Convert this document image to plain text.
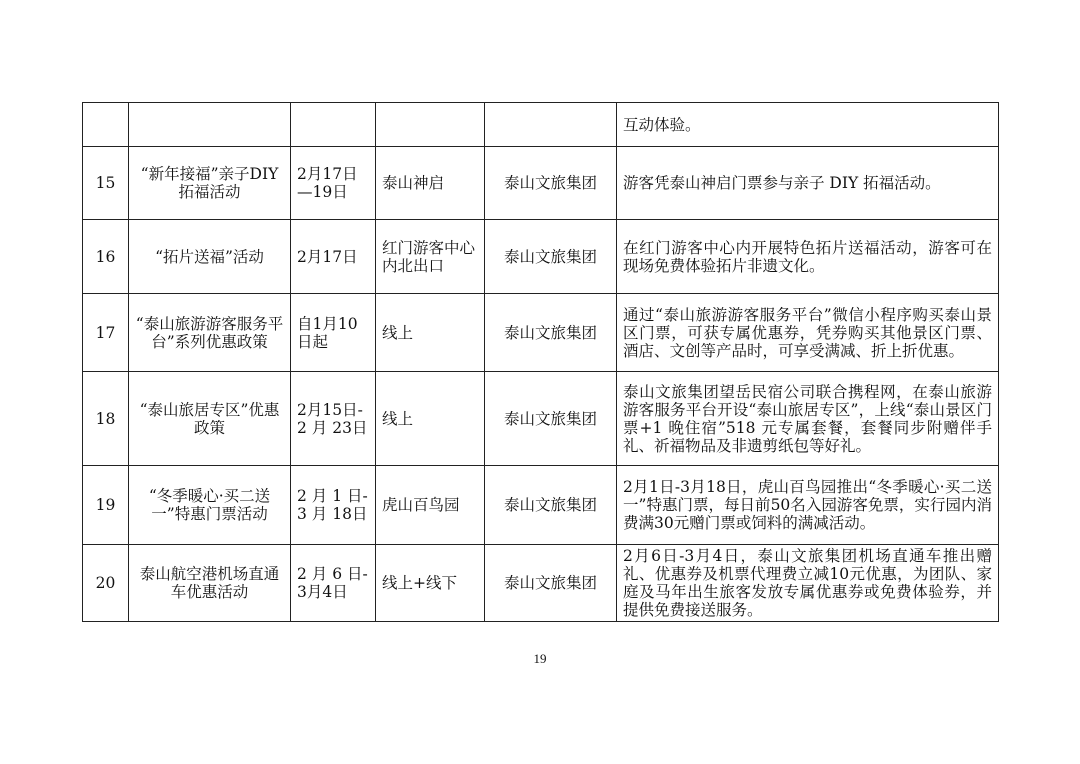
					互动体验。
15	“新年接福”亲子DIY 拓福活动	2月17日—19日	泰山神启	泰山文旅集团	游客凭泰山神启门票参与亲子 DIY 拓福活动。
16	“拓片送福”活动	2月17日	红门游客中心内北出口	泰山文旅集团	在红门游客中心内开展特色拓片送福活动，游客可在现场免费体验拓片非遗文化。
17	“泰山旅游游客服务平台”系列优惠政策	自1月10日起	线上	泰山文旅集团	通过“泰山旅游游客服务平台”微信小程序购买泰山景区门票，可获专属优惠券，凭券购买其他景区门票、酒店、文创等产品时，可享受满减、折上折优惠。
18	“泰山旅居专区”优惠政策	2月15日-2 月 23日	线上	泰山文旅集团	泰山文旅集团望岳民宿公司联合携程网，在泰山旅游游客服务平台开设“泰山旅居专区”，上线“泰山景区门票+1 晚住宿”518 元专属套餐，套餐同步附赠伴手礼、祈福物品及非遗剪纸包等好礼。
19	“冬季暖心·买二送一”特惠门票活动	2 月 1 日-3 月 18日	虎山百鸟园	泰山文旅集团	2月1日-3月18日，虎山百鸟园推出“冬季暖心·买二送一”特惠门票，每日前50名入园游客免票，实行园内消费满30元赠门票或饲料的满减活动。
20	泰山航空港机场直通车优惠活动	2 月 6 日-3月4日	线上+线下	泰山文旅集团	2月6日-3月4日，泰山文旅集团机场直通车推出赠礼、优惠券及机票代理费立减10元优惠，为团队、家庭及马年出生旅客发放专属优惠券或免费体验券，并提供免费接送服务。
19
